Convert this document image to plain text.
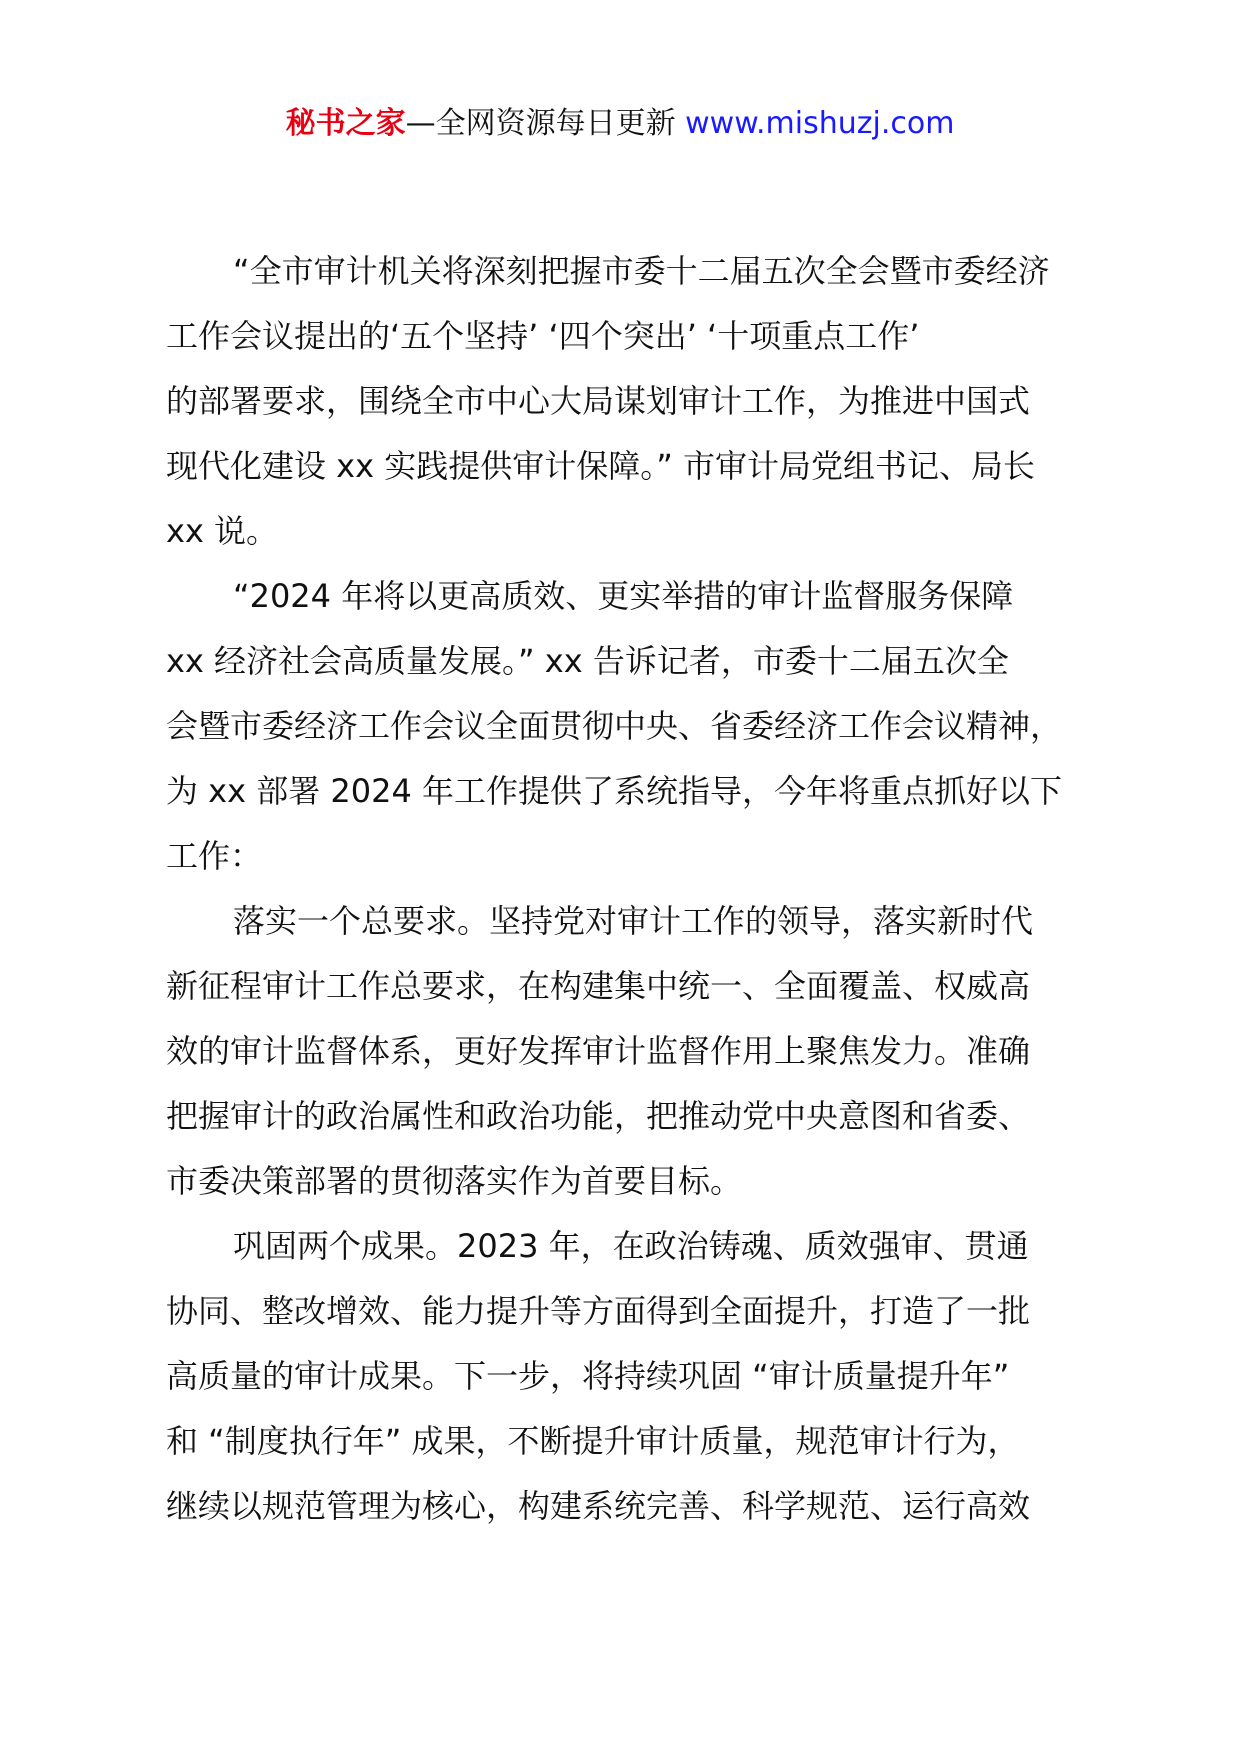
秘书之家—全网资源每日更新 www.mishuzj.com
“全市审计机关将深刻把握市委十二届五次全会暨市委经济
工作会议提出的‘五个坚持’ ‘四个突出’ ‘十项重点工作’
的部署要求，围绕全市中心大局谋划审计工作，为推进中国式
现代化建设 xx 实践提供审计保障。” 市审计局党组书记、局长
xx 说。
“2024 年将以更高质效、更实举措的审计监督服务保障
xx 经济社会高质量发展。” xx 告诉记者，市委十二届五次全
会暨市委经济工作会议全面贯彻中央、省委经济工作会议精神，
为 xx 部署 2024 年工作提供了系统指导，今年将重点抓好以下
工作：
落实一个总要求。坚持党对审计工作的领导，落实新时代
新征程审计工作总要求，在构建集中统一、全面覆盖、权威高
效的审计监督体系，更好发挥审计监督作用上聚焦发力。准确
把握审计的政治属性和政治功能，把推动党中央意图和省委、
市委决策部署的贯彻落实作为首要目标。
巩固两个成果。2023 年，在政治铸魂、质效强审、贯通
协同、整改增效、能力提升等方面得到全面提升，打造了一批
高质量的审计成果。下一步，将持续巩固 “审计质量提升年”
和 “制度执行年” 成果，不断提升审计质量，规范审计行为，
继续以规范管理为核心，构建系统完善、科学规范、运行高效
